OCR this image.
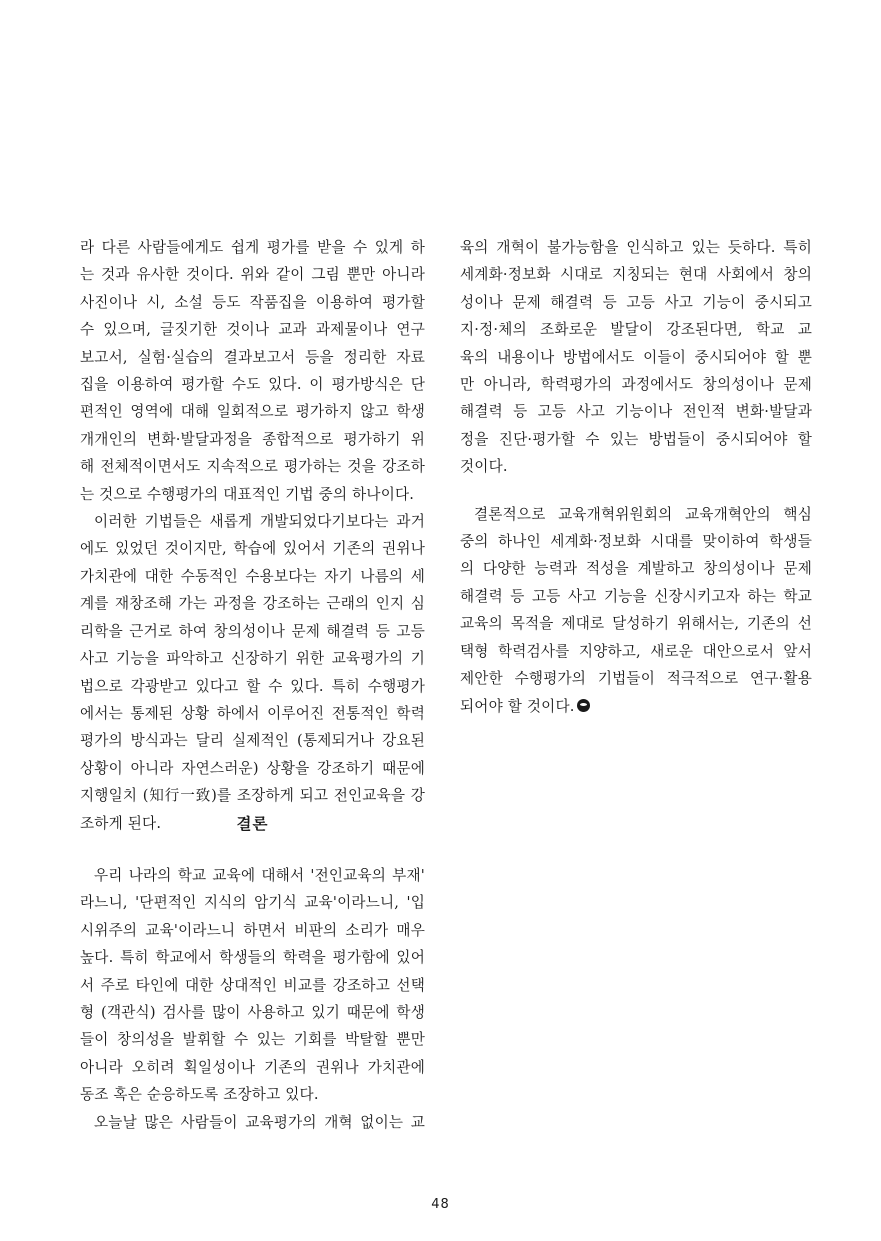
라 다른 사람들에게도 쉽게 평가를 받을 수 있게 하
는 것과 유사한 것이다. 위와 같이 그림 뿐만 아니라
사진이나 시, 소설 등도 작품집을 이용하여 평가할
수 있으며, 글짓기한 것이나 교과 과제물이나 연구
보고서, 실험·실습의 결과보고서 등을 정리한 자료
집을 이용하여 평가할 수도 있다. 이 평가방식은 단
편적인 영역에 대해 일회적으로 평가하지 않고 학생
개개인의 변화·발달과정을 종합적으로 평가하기 위
해 전체적이면서도 지속적으로 평가하는 것을 강조하
는 것으로 수행평가의 대표적인 기법 중의 하나이다.
이러한 기법들은 새롭게 개발되었다기보다는 과거
에도 있었던 것이지만, 학습에 있어서 기존의 권위나
가치관에 대한 수동적인 수용보다는 자기 나름의 세
계를 재창조해 가는 과정을 강조하는 근래의 인지 심
리학을 근거로 하여 창의성이나 문제 해결력 등 고등
사고 기능을 파악하고 신장하기 위한 교육평가의 기
법으로 각광받고 있다고 할 수 있다. 특히 수행평가
에서는 통제된 상황 하에서 이루어진 전통적인 학력
평가의 방식과는 달리 실제적인 (통제되거나 강요된
상황이 아니라 자연스러운) 상황을 강조하기 때문에
지행일치 (知行一致)를 조장하게 되고 전인교육을 강
조하게 된다.	결론
우리 나라의 학교 교육에 대해서 '전인교육의 부재'
라느니, '단편적인 지식의 암기식 교육'이라느니, '입
시위주의 교육'이라느니 하면서 비판의 소리가 매우
높다. 특히 학교에서 학생들의 학력을 평가함에 있어
서 주로 타인에 대한 상대적인 비교를 강조하고 선택
형 (객관식) 검사를 많이 사용하고 있기 때문에 학생
들이 창의성을 발휘할 수 있는 기회를 박탈할 뿐만
아니라 오히려 획일성이나 기존의 권위나 가치관에
동조 혹은 순응하도록 조장하고 있다.
오늘날 많은 사람들이 교육평가의 개혁 없이는 교
육의 개혁이 불가능함을 인식하고 있는 듯하다. 특히
세계화·정보화 시대로 지칭되는 현대 사회에서 창의
성이나 문제 해결력 등 고등 사고 기능이 중시되고
지·정·체의 조화로운 발달이 강조된다면, 학교 교
육의 내용이나 방법에서도 이들이 중시되어야 할 뿐
만 아니라, 학력평가의 과정에서도 창의성이나 문제
해결력 등 고등 사고 기능이나 전인적 변화·발달과
정을 진단·평가할 수 있는 방법들이 중시되어야 할
것이다.
결론적으로 교육개혁위원회의 교육개혁안의 핵심
중의 하나인 세계화·정보화 시대를 맞이하여 학생들
의 다양한 능력과 적성을 계발하고 창의성이나 문제
해결력 등 고등 사고 기능을 신장시키고자 하는 학교
교육의 목적을 제대로 달성하기 위해서는, 기존의 선
택형 학력검사를 지양하고, 새로운 대안으로서 앞서
제안한 수행평가의 기법들이 적극적으로 연구·활용
되어야 할 것이다.
48
